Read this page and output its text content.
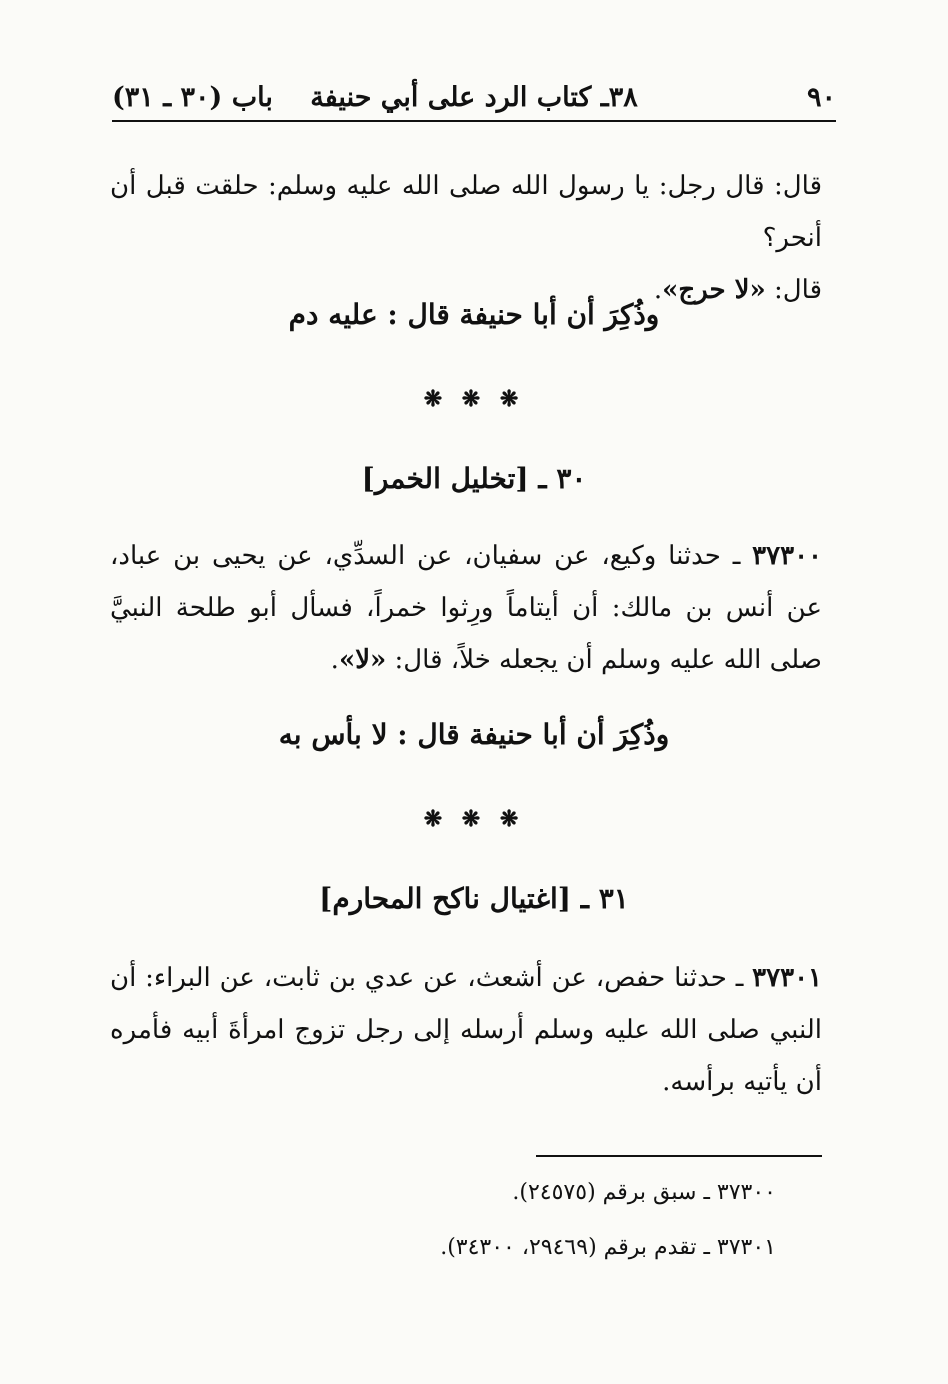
٩٠
٣٨ـ كتاب الرد على أبي حنيفة
باب (٣٠ ـ ٣١)
قال: قال رجل: يا رسول الله صلى الله عليه وسلم: حلقت قبل أن أنحر؟
قال: «لا حرج».
وذُكِرَ أن أبا حنيفة قال : عليه دم
❋ ❋ ❋
٣٠ ـ [تخليل الخمر]
٣٧٣٠٠ ـ حدثنا وكيع، عن سفيان، عن السدِّي، عن يحيى بن عباد، عن أنس بن مالك: أن أيتاماً ورِثوا خمراً، فسأل أبو طلحة النبيَّ صلى الله عليه وسلم أن يجعله خلاً، قال: «لا».
وذُكِرَ أن أبا حنيفة قال : لا بأس به
❋ ❋ ❋
٣١ ـ [اغتيال ناكح المحارم]
٣٧٣٠١ ـ حدثنا حفص، عن أشعث، عن عدي بن ثابت، عن البراء: أن النبي صلى الله عليه وسلم أرسله إلى رجل تزوج امرأةَ أبيه فأمره أن يأتيه برأسه.
٣٧٣٠٠ ـ سبق برقم (٢٤٥٧٥).
٣٧٣٠١ ـ تقدم برقم (٢٩٤٦٩، ٣٤٣٠٠).
